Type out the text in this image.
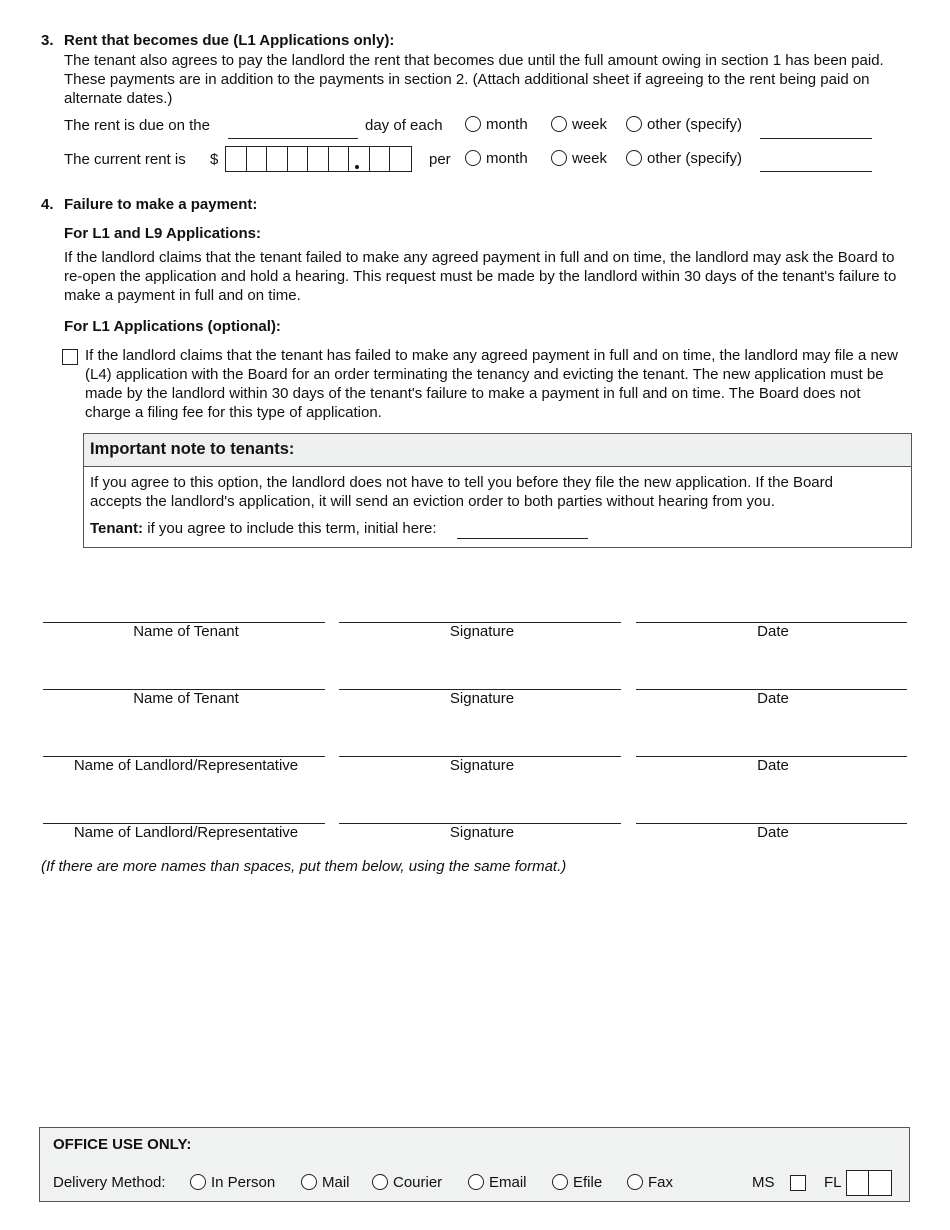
3. Rent that becomes due (L1 Applications only):
The tenant also agrees to pay the landlord the rent that becomes due until the full amount owing in section 1 has been paid. These payments are in addition to the payments in section 2. (Attach additional sheet if agreeing to the rent being paid on alternate dates.)
The rent is due on the	day of each	month	week	other (specify)
The current rent is $	per	month	week	other (specify)
4. Failure to make a payment:
For L1 and L9 Applications:
If the landlord claims that the tenant failed to make any agreed payment in full and on time, the landlord may ask the Board to re-open the application and hold a hearing. This request must be made by the landlord within 30 days of the tenant's failure to make a payment in full and on time.
For L1 Applications (optional):
If the landlord claims that the tenant has failed to make any agreed payment in full and on time, the landlord may file a new (L4) application with the Board for an order terminating the tenancy and evicting the tenant. The new application must be made by the landlord within 30 days of the tenant's failure to make a payment in full and on time. The Board does not charge a filing fee for this type of application.
Important note to tenants:
If you agree to this option, the landlord does not have to tell you before they file the new application. If the Board accepts the landlord's application, it will send an eviction order to both parties without hearing from you.
Tenant: if you agree to include this term, initial here:
Name of Tenant	Signature	Date
Name of Tenant	Signature	Date
Name of Landlord/Representative	Signature	Date
Name of Landlord/Representative	Signature	Date
(If there are more names than spaces, put them below, using the same format.)
OFFICE USE ONLY:
Delivery Method:	In Person	Mail	Courier	Email	Efile	Fax	MS	FL
